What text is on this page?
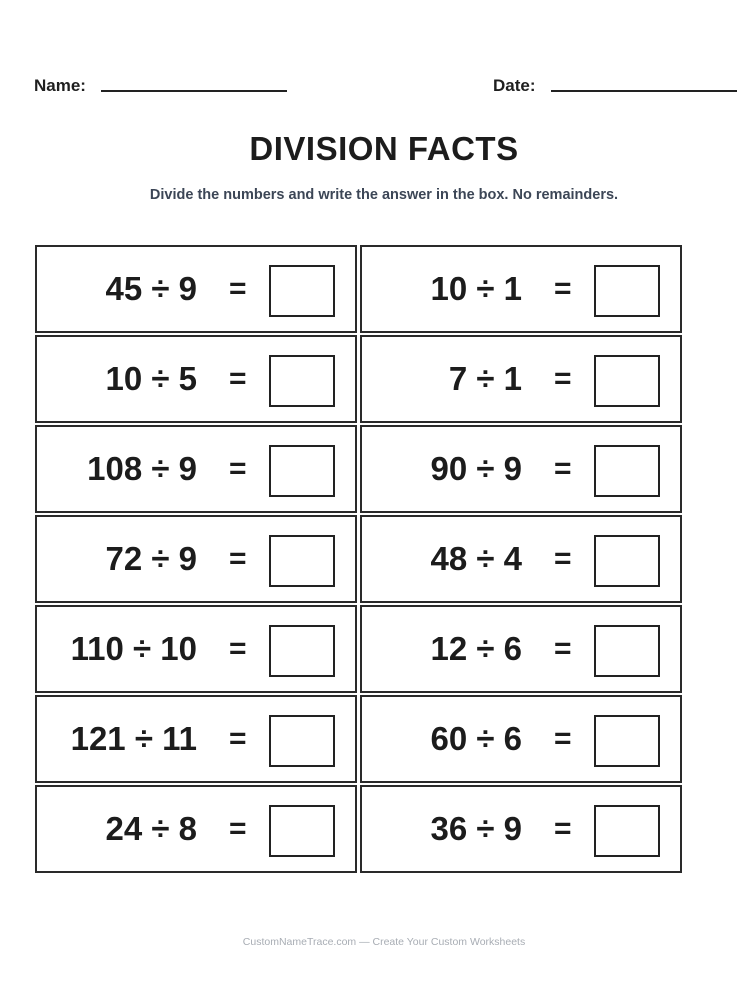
Name:	Date:
DIVISION FACTS
Divide the numbers and write the answer in the box. No remainders.
45 ÷ 9 =	10 ÷ 1 =
10 ÷ 5 =	7 ÷ 1 =
108 ÷ 9 =	90 ÷ 9 =
72 ÷ 9 =	48 ÷ 4 =
110 ÷ 10 =	12 ÷ 6 =
121 ÷ 11 =	60 ÷ 6 =
24 ÷ 8 =	36 ÷ 9 =
CustomNameTrace.com — Create Your Custom Worksheets
